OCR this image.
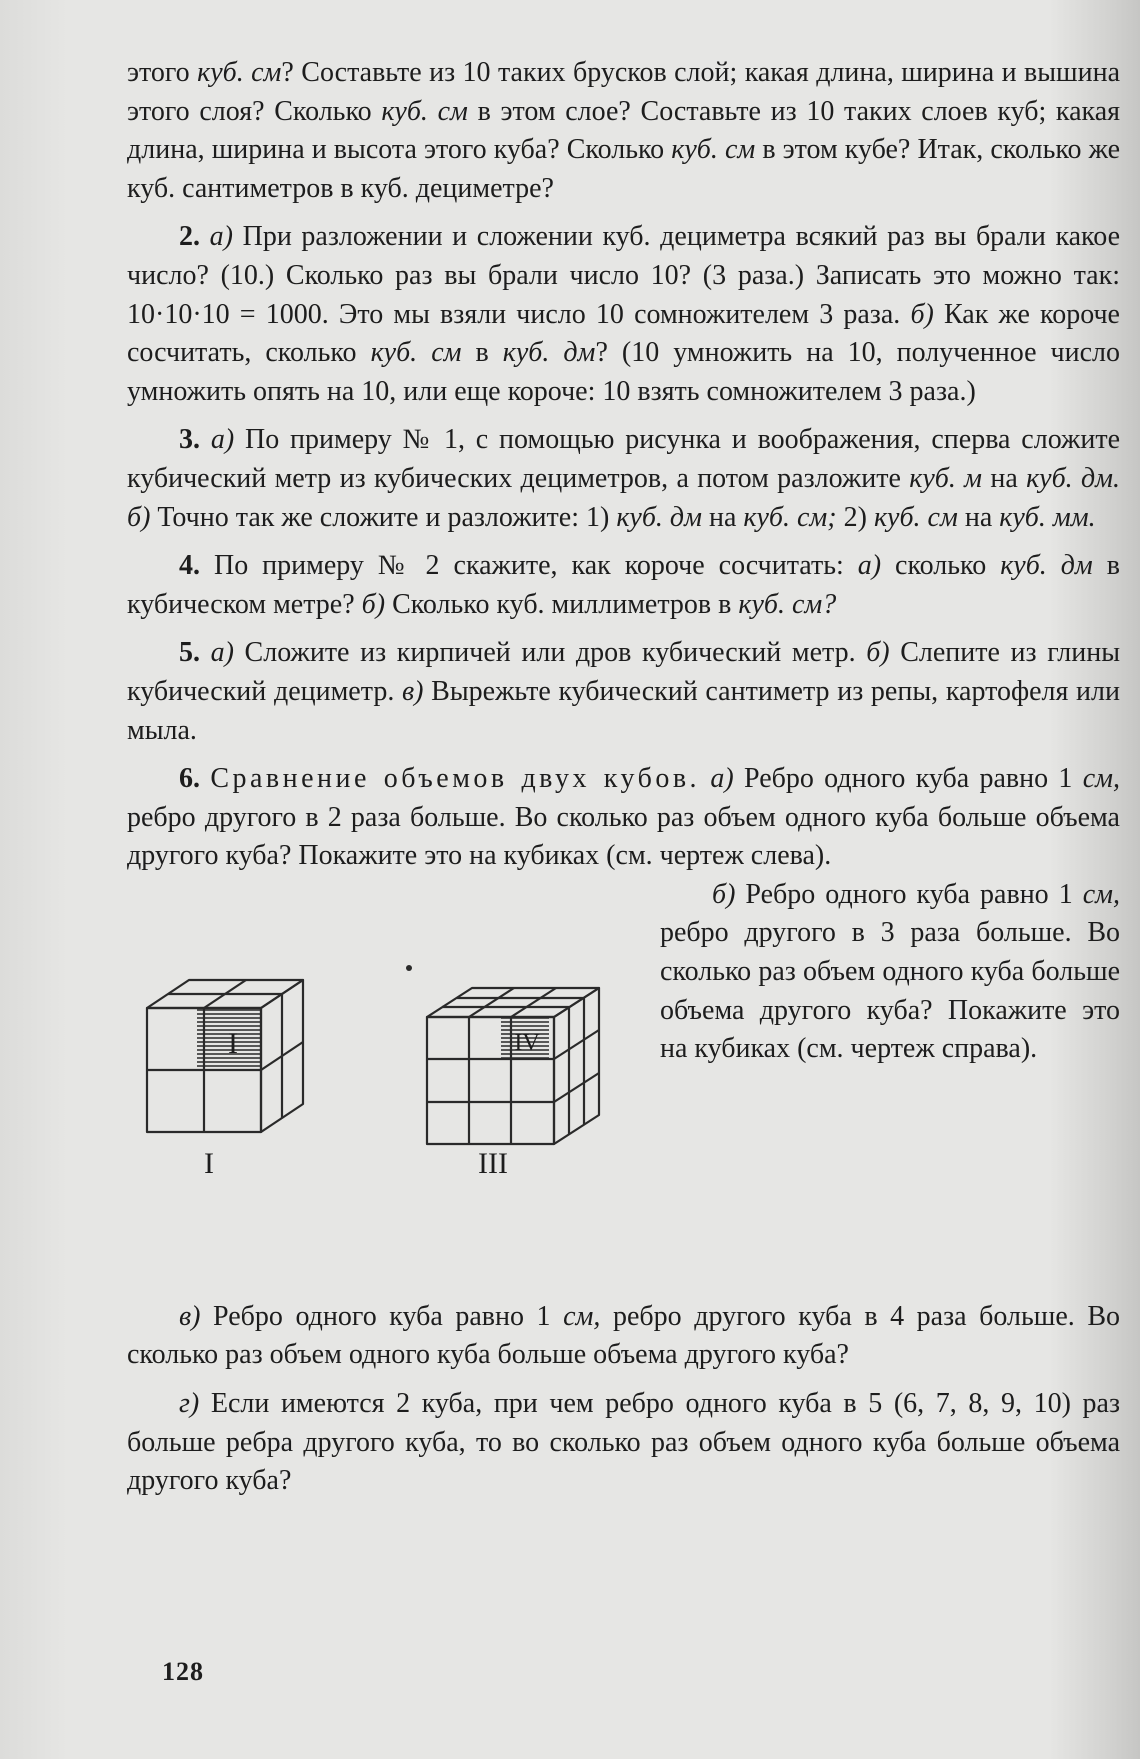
этого куб. см? Составьте из 10 таких брусков слой; какая длина, ширина и вышина этого слоя? Сколько куб. см в этом слое? Составьте из 10 таких слоев куб; какая длина, ширина и высота этого куба? Сколько куб. см в этом кубе? Итак, сколько же куб. сантиметров в куб. дециметре?

2. а) При разложении и сложении куб. дециметра всякий раз вы брали какое число? (10.) Сколько раз вы брали число 10? (3 раза.) Записать это можно так: 10·10·10 = 1000. Это мы взяли число 10 сомножителем 3 раза. б) Как же короче сосчитать, сколько куб. см в куб. дм? (10 умножить на 10, полученное число умножить опять на 10, или еще короче: 10 взять сомножителем 3 раза.)

3. а) По примеру № 1, с помощью рисунка и воображения, сперва сложите кубический метр из кубических дециметров, а потом разложите куб. м на куб. дм. б) Точно так же сложите и разложите: 1) куб. дм на куб. см; 2) куб. см на куб. мм.

4. По примеру № 2 скажите, как короче сосчитать: а) сколько куб. дм в кубическом метре? б) Сколько куб. миллиметров в куб. см?

5. а) Сложите из кирпичей или дров кубический метр. б) Слепите из глины кубический дециметр. в) Вырежьте кубический сантиметр из репы, картофеля или мыла.

6. Сравнение объемов двух кубов. а) Ребро одного куба равно 1 см, ребро другого в 2 раза больше. Во сколько раз объем одного куба больше объема другого куба? Покажите это на кубиках (см. чертеж слева).

I	IV
I	III

б) Ребро одного куба равно 1 см, ребро другого в 3 раза больше. Во сколько раз объем одного куба больше объема другого куба? Покажите это на кубиках (см. чертеж справа).

в) Ребро одного куба равно 1 см, ребро другого куба в 4 раза больше. Во сколько раз объем одного куба больше объема другого куба?

г) Если имеются 2 куба, при чем ребро одного куба в 5 (6, 7, 8, 9, 10) раз больше ребра другого куба, то во сколько раз объем одного куба больше объема другого куба?

128
